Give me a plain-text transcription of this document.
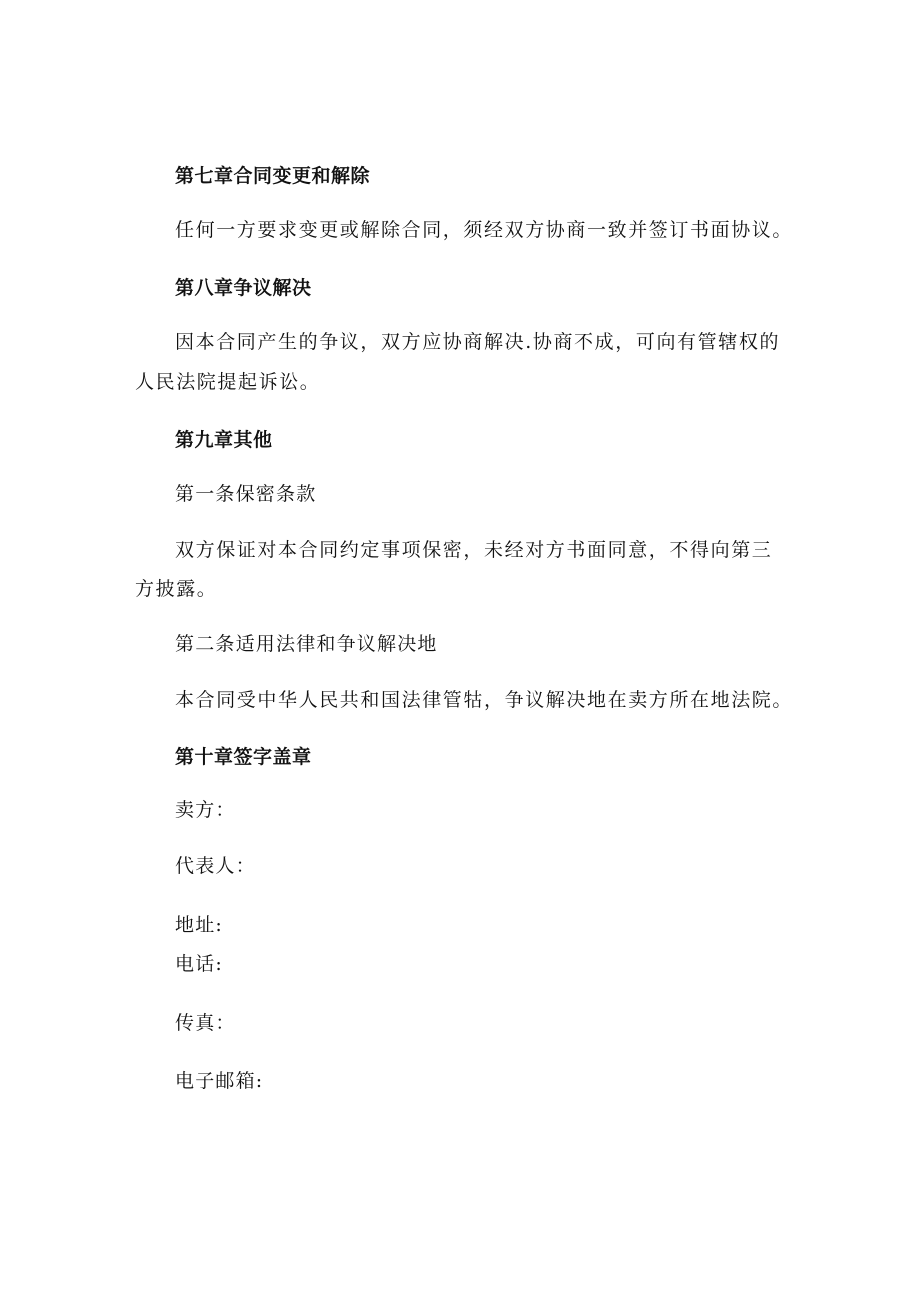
第七章合同变更和解除

任何一方要求变更或解除合同，须经双方协商一致并签订书面协议。

第八章争议解决

因本合同产生的争议，双方应协商解决.协商不成，可向有管辖权的

人民法院提起诉讼。

第九章其他

第一条保密条款

双方保证对本合同约定事项保密，未经对方书面同意，不得向第三

方披露。

第二条适用法律和争议解决地

本合同受中华人民共和国法律管牯，争议解决地在卖方所在地法院。

第十章签字盖章

卖方：

代表人：

地址:

电话:

传真：

电子邮箱:
